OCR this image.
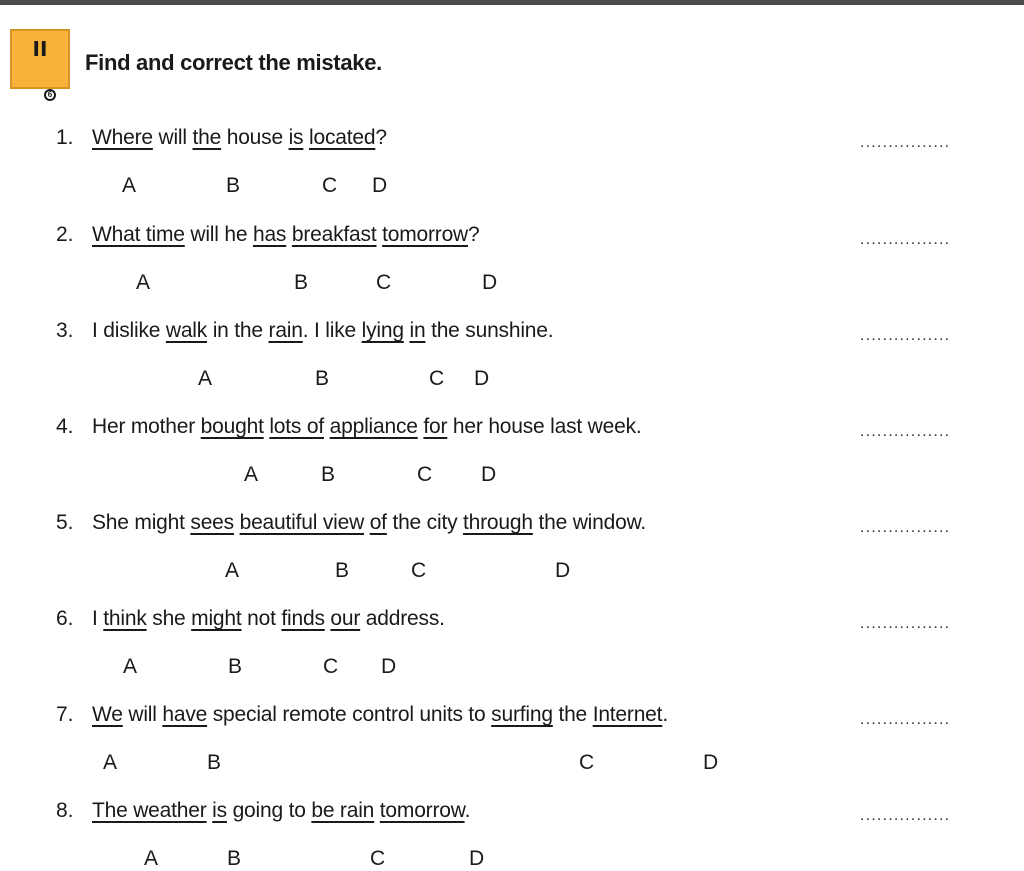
II
6
Find and correct the mistake.
1. Where will the house is located?	................
A	B	C D
2. What time will he has breakfast tomorrow?	................
A	B	C	D
3. I dislike walk in the rain. I like lying in the sunshine.	................
A	B	C D
4. Her mother bought lots of appliance for her house last week.	................
A	B	C D
5. She might sees beautiful view of the city through the window.	................
A	B	C	D
6. I think she might not finds our address.	................
A	B	C D
7. We will have special remote control units to surfing the Internet.	................
A	B	C	D
8. The weather is going to be rain tomorrow.	................
A	B	C	D
